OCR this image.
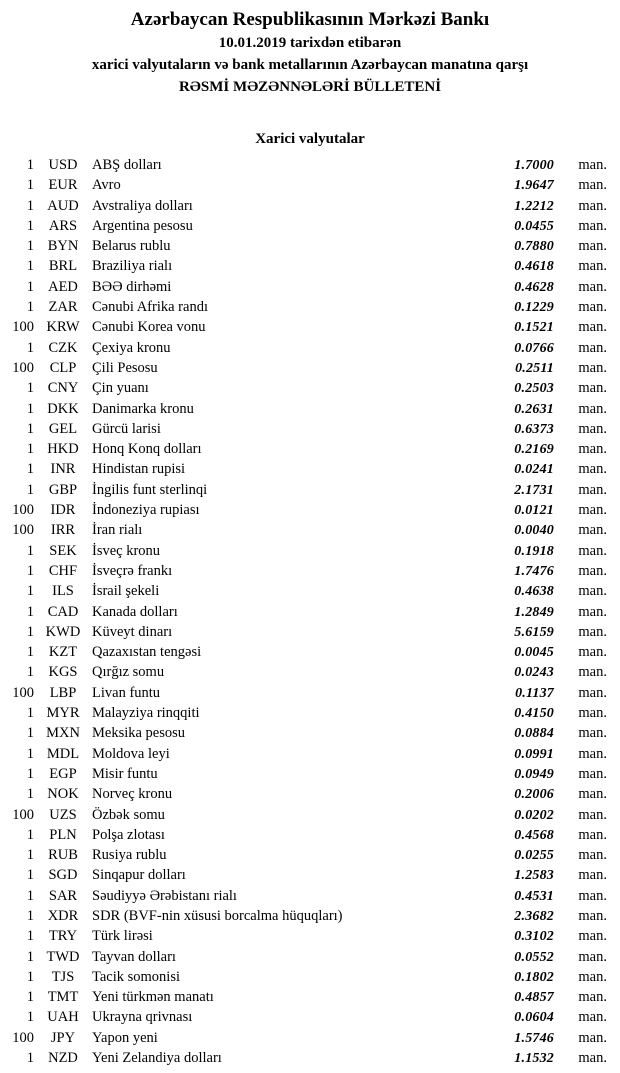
Azərbaycan Respublikasının Mərkəzi Bankı
10.01.2019 tarixdən etibarən
xarici valyutaların və bank metallarının Azərbaycan manatına qarşı
RƏSMİ MƏZƏNNƏLƏRİ BÜLLETENİ
Xarici valyutalar
1 USD	ABŞ dolları	1.7000	man.
1	EUR	Avro	1.9647	man.
1 AUD Avstraliya dolları	1.2212	man.
1	ARS	Argentina pesosu	0.0455	man.
1 BYN Belarus rublu	0.7880	man.
1	BRL	Braziliya rialı	0.4618	man.
1 AED BƏƏ dirhəmi	0.4628	man.
1	ZAR	Cənubi Afrika randı	0.1229	man.
100 KRW Cənubi Korea vonu	0.1521	man.
1	CZK	Çexiya kronu	0.0766	man.
100	CLP	Çili Pesosu	0.2511	man.
1 CNY Çin yuanı	0.2503	man.
1 DKK Danimarka kronu	0.2631	man.
1	GEL	Gürcü larisi	0.6373	man.
1 HKD Honq Konq dolları	0.2169	man.
1	INR	Hindistan rupisi	0.0241	man.
1	GBP	İngilis funt sterlinqi	2.1731	man.
100	IDR	İndoneziya rupiası	0.0121	man.
100	IRR	İran rialı	0.0040	man.
1	SEK	İsveç kronu	0.1918	man.
1	CHF	İsveçrə frankı	1.7476	man.
1	ILS	İsrail şekeli	0.4638	man.
1 CAD Kanada dolları	1.2849	man.
1 KWD Küveyt dinarı	5.6159	man.
1	KZT	Qazaxıstan tengəsi	0.0045	man.
1 KGS	Qırğız somu	0.0243	man.
100	LBP	Livan funtu	0.1137	man.
1 MYR Malayziya rinqqiti	0.4150	man.
1 MXN Meksika pesosu	0.0884	man.
1 MDL Moldova leyi	0.0991	man.
1	EGP	Misir funtu	0.0949	man.
1 NOK Norveç kronu	0.2006	man.
100	UZS	Özbək somu	0.0202	man.
1	PLN	Polşa zlotası	0.4568	man.
1 RUB Rusiya rublu	0.0255	man.
1 SGD	Sinqapur dolları	1.2583	man.
1	SAR	Səudiyyə Ərəbistanı rialı	0.4531	man.
1 XDR SDR (BVF-nin xüsusi borcalma hüquqları)	2.3682	man.
1	TRY	Türk lirəsi	0.3102	man.
1 TWD Tayvan dolları	0.0552	man.
1	TJS	Tacik somonisi	0.1802	man.
1 TMT Yeni türkmən manatı	0.4857	man.
1 UAH Ukrayna qrivnası	0.0604	man.
100	JPY	Yapon yeni	1.5746	man.
1 NZD Yeni Zelandiya dolları	1.1532	man.
